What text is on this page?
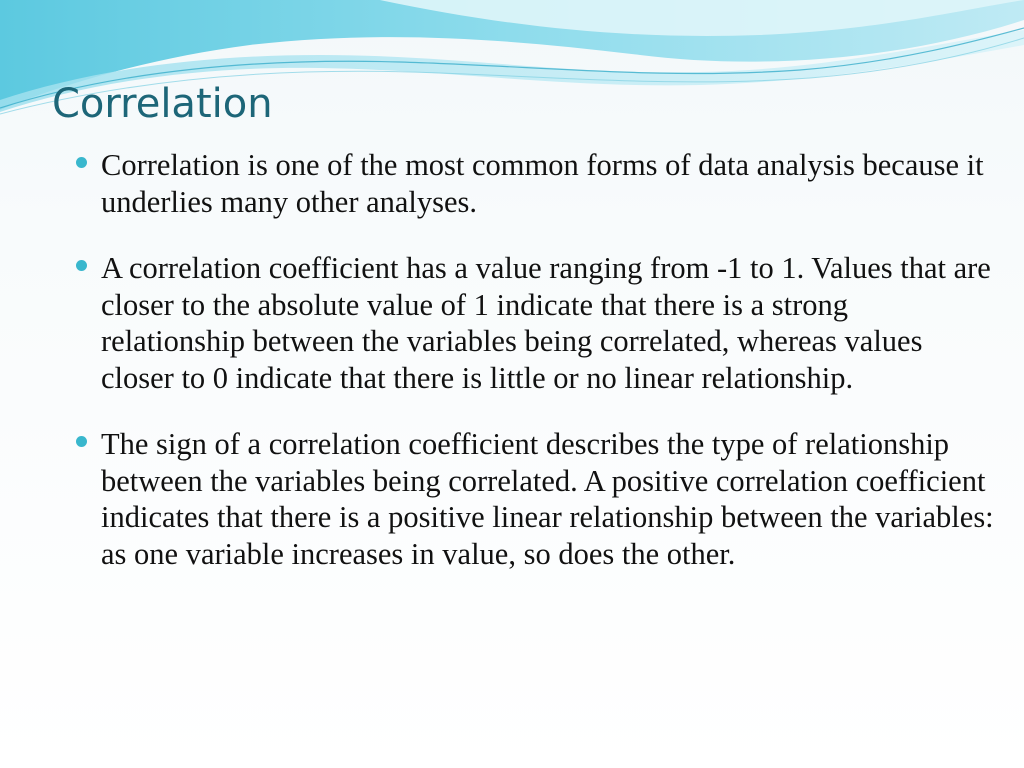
Correlation
Correlation is one of the most common forms of data analysis because it underlies many other analyses.
A correlation coefficient has a value ranging from -1 to 1. Values that are closer to the absolute value of 1 indicate that there is a strong relationship between the variables being correlated, whereas values closer to 0 indicate that there is little or no linear relationship.
The sign of a correlation coefficient describes the type of relationship between the variables being correlated. A positive correlation coefficient indicates that there is a positive linear relationship between the variables: as one variable increases in value, so does the other.
